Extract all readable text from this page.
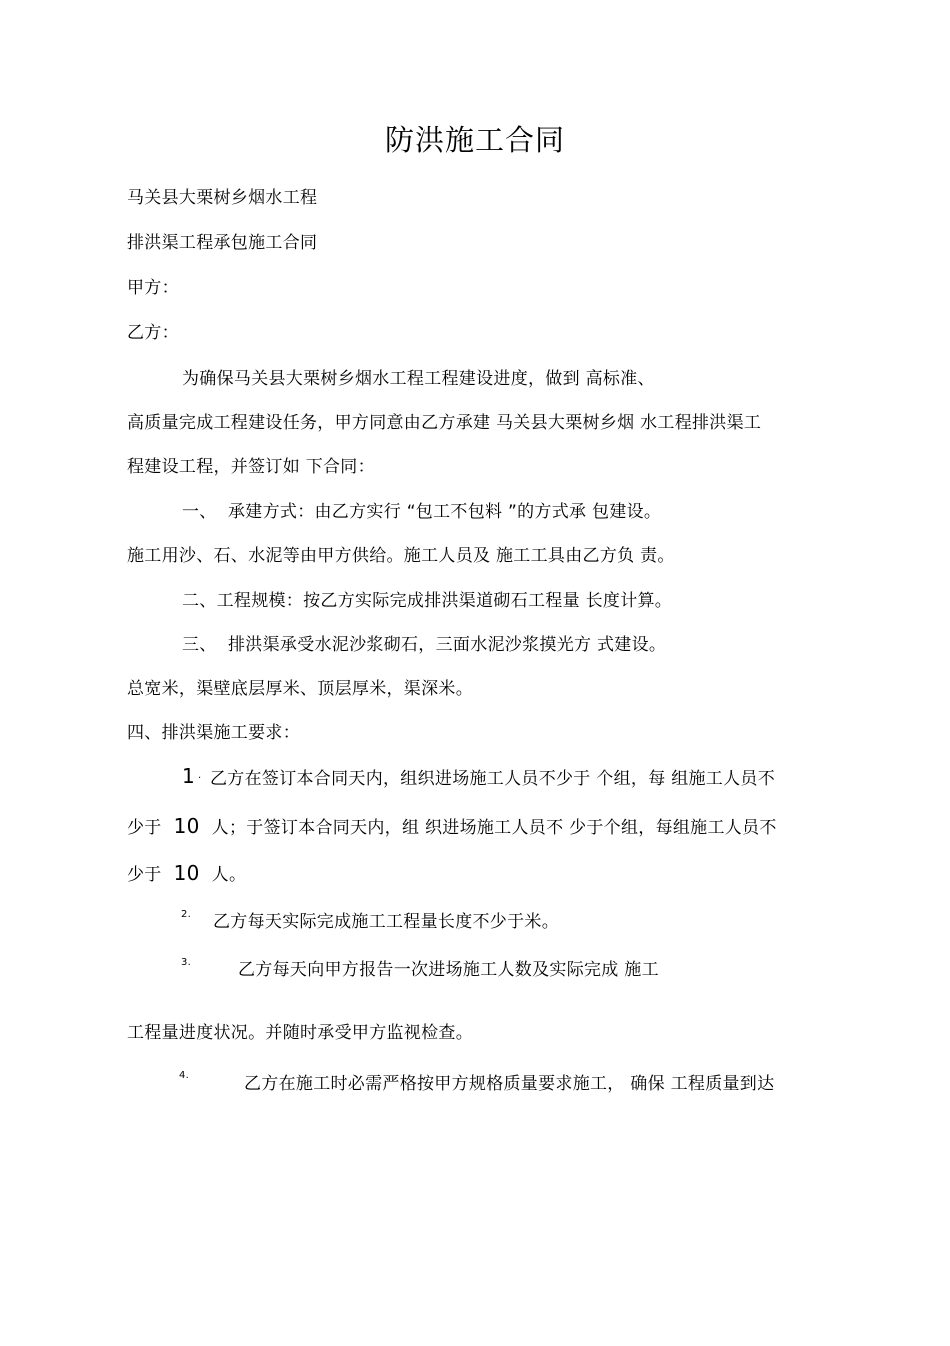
防洪施工合同
马关县大栗树乡烟水工程
排洪渠工程承包施工合同
甲方：
乙方：
为确保马关县大栗树乡烟水工程工程建设进度，做到 高标准、
高质量完成工程建设任务，甲方同意由乙方承建 马关县大栗树乡烟 水工程排洪渠工
程建设工程，并签订如 下合同：
一、 承建方式：由乙方实行 “包工不包料 ”的方式承 包建设。
施工用沙、石、水泥等由甲方供给。施工人员及 施工工具由乙方负 责。
二、工程规模：按乙方实际完成排洪渠道砌石工程量 长度计算。
三、 排洪渠承受水泥沙浆砌石，三面水泥沙浆摸光方 式建设。
总宽米，渠壁底层厚米、顶层厚米，渠深米。
四、排洪渠施工要求：
1 . 乙方在签订本合同天内，组织进场施工人员不少于 个组，每 组施工人员不
少于 10 人；于签订本合同天内，组 织进场施工人员不 少于个组，每组施工人员不
少于 10 人。
2. 乙方每天实际完成施工工程量长度不少于米。
3.	乙方每天向甲方报告一次进场施工人数及实际完成 施工
工程量进度状况。并随时承受甲方监视检查。
4.	乙方在施工时必需严格按甲方规格质量要求施工， 确保 工程质量到达
